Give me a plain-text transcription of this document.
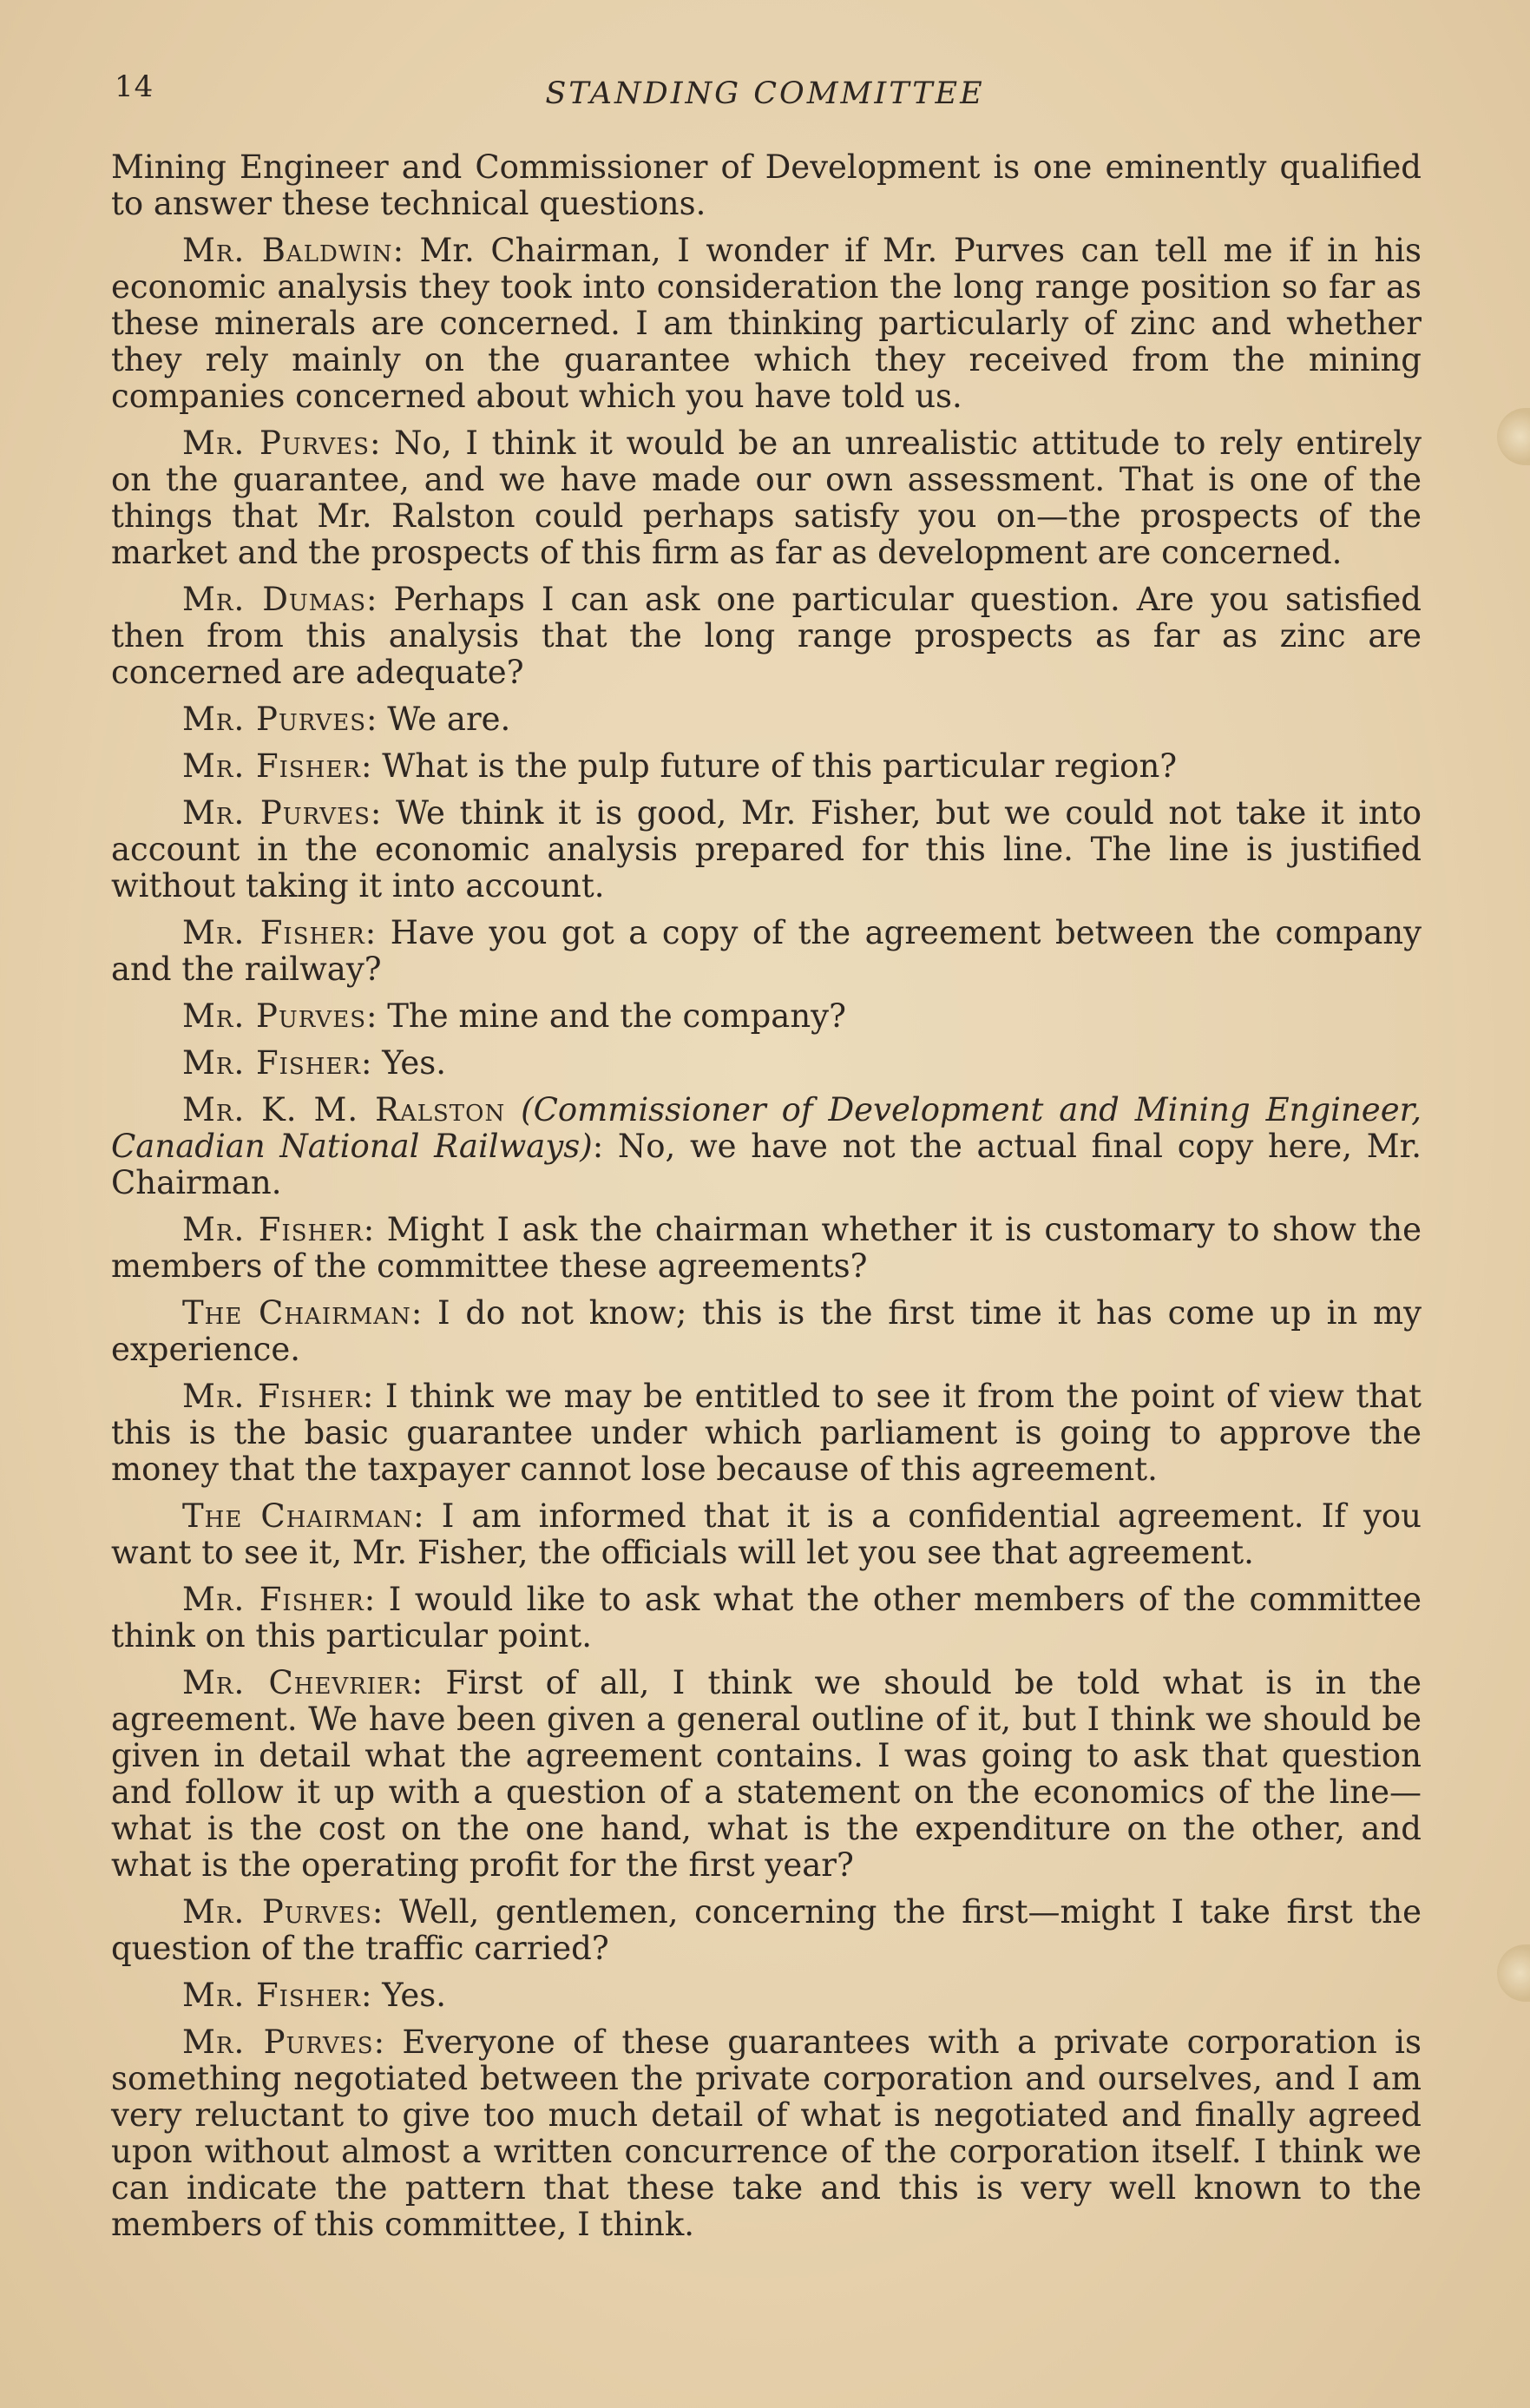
14	STANDING COMMITTEE

Mining Engineer and Commissioner of Development is one eminently qualified to answer these technical questions.

Mr. Baldwin: Mr. Chairman, I wonder if Mr. Purves can tell me if in his economic analysis they took into consideration the long range position so far as these minerals are concerned. I am thinking particularly of zinc and whether they rely mainly on the guarantee which they received from the mining companies concerned about which you have told us.

Mr. Purves: No, I think it would be an unrealistic attitude to rely entirely on the guarantee, and we have made our own assessment. That is one of the things that Mr. Ralston could perhaps satisfy you on—the prospects of the market and the prospects of this firm as far as development are concerned.

Mr. Dumas: Perhaps I can ask one particular question. Are you satisfied then from this analysis that the long range prospects as far as zinc are concerned are adequate?

Mr. Purves: We are.

Mr. Fisher: What is the pulp future of this particular region?

Mr. Purves: We think it is good, Mr. Fisher, but we could not take it into account in the economic analysis prepared for this line. The line is justified without taking it into account.

Mr. Fisher: Have you got a copy of the agreement between the company and the railway?

Mr. Purves: The mine and the company?

Mr. Fisher: Yes.

Mr. K. M. Ralston (Commissioner of Development and Mining Engineer, Canadian National Railways): No, we have not the actual final copy here, Mr. Chairman.

Mr. Fisher: Might I ask the chairman whether it is customary to show the members of the committee these agreements?

The Chairman: I do not know; this is the first time it has come up in my experience.

Mr. Fisher: I think we may be entitled to see it from the point of view that this is the basic guarantee under which parliament is going to approve the money that the taxpayer cannot lose because of this agreement.

The Chairman: I am informed that it is a confidential agreement. If you want to see it, Mr. Fisher, the officials will let you see that agreement.

Mr. Fisher: I would like to ask what the other members of the committee think on this particular point.

Mr. Chevrier: First of all, I think we should be told what is in the agreement. We have been given a general outline of it, but I think we should be given in detail what the agreement contains. I was going to ask that question and follow it up with a question of a statement on the economics of the line—what is the cost on the one hand, what is the expenditure on the other, and what is the operating profit for the first year?

Mr. Purves: Well, gentlemen, concerning the first—might I take first the question of the traffic carried?

Mr. Fisher: Yes.

Mr. Purves: Everyone of these guarantees with a private corporation is something negotiated between the private corporation and ourselves, and I am very reluctant to give too much detail of what is negotiated and finally agreed upon without almost a written concurrence of the corporation itself. I think we can indicate the pattern that these take and this is very well known to the members of this committee, I think.
